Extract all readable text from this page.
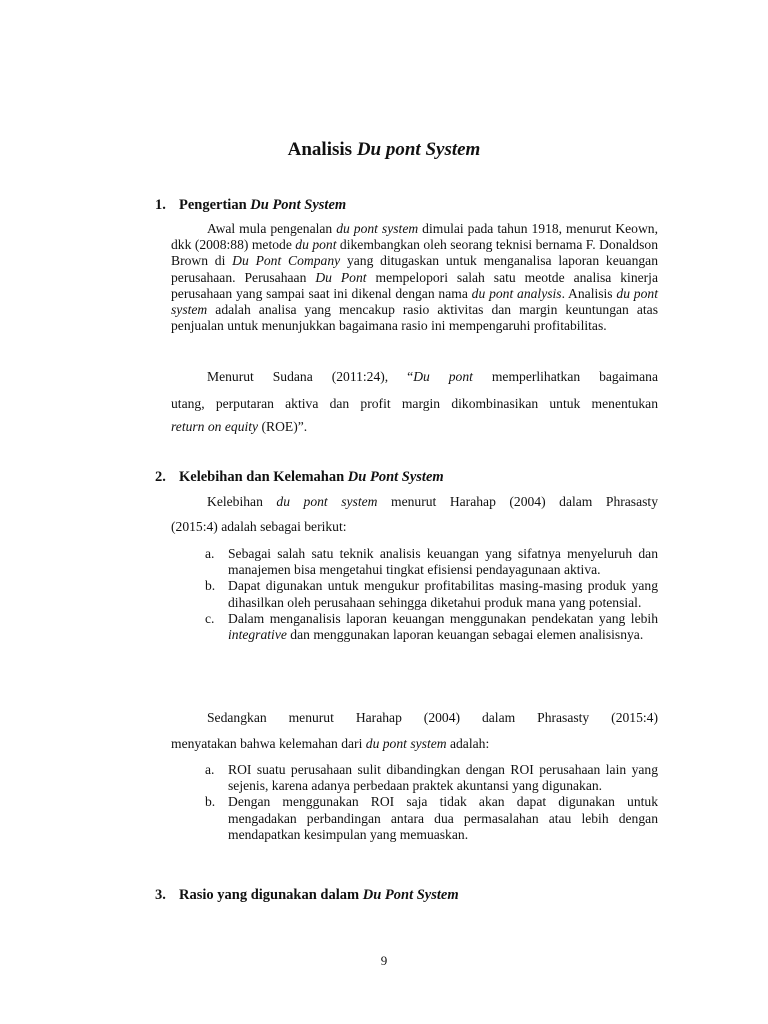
Analisis Du pont System
1. Pengertian Du Pont System
Awal mula pengenalan du pont system dimulai pada tahun 1918, menurut Keown, dkk (2008:88) metode du pont dikembangkan oleh seorang teknisi bernama F. Donaldson Brown di Du Pont Company yang ditugaskan untuk menganalisa laporan keuangan perusahaan. Perusahaan Du Pont mempelopori salah satu meotde analisa kinerja perusahaan yang sampai saat ini dikenal dengan nama du pont analysis. Analisis du pont system adalah analisa yang mencakup rasio aktivitas dan margin keuntungan atas penjualan untuk menunjukkan bagaimana rasio ini mempengaruhi profitabilitas.
Menurut Sudana (2011:24), “Du pont memperlihatkan bagaimana
utang, perputaran aktiva dan profit margin dikombinasikan untuk menentukan
return on equity (ROE)”.
2. Kelebihan dan Kelemahan Du Pont System
Kelebihan du pont system menurut Harahap (2004) dalam Phrasasty
(2015:4) adalah sebagai berikut:
a. Sebagai salah satu teknik analisis keuangan yang sifatnya menyeluruh dan manajemen bisa mengetahui tingkat efisiensi pendayagunaan aktiva.
b. Dapat digunakan untuk mengukur profitabilitas masing-masing produk yang dihasilkan oleh perusahaan sehingga diketahui produk mana yang potensial.
c. Dalam menganalisis laporan keuangan menggunakan pendekatan yang lebih integrative dan menggunakan laporan keuangan sebagai elemen analisisnya.
Sedangkan menurut Harahap (2004) dalam Phrasasty (2015:4)
menyatakan bahwa kelemahan dari du pont system adalah:
a. ROI suatu perusahaan sulit dibandingkan dengan ROI perusahaan lain yang sejenis, karena adanya perbedaan praktek akuntansi yang digunakan.
b. Dengan menggunakan ROI saja tidak akan dapat digunakan untuk mengadakan perbandingan antara dua permasalahan atau lebih dengan mendapatkan kesimpulan yang memuaskan.
3. Rasio yang digunakan dalam Du Pont System
9
